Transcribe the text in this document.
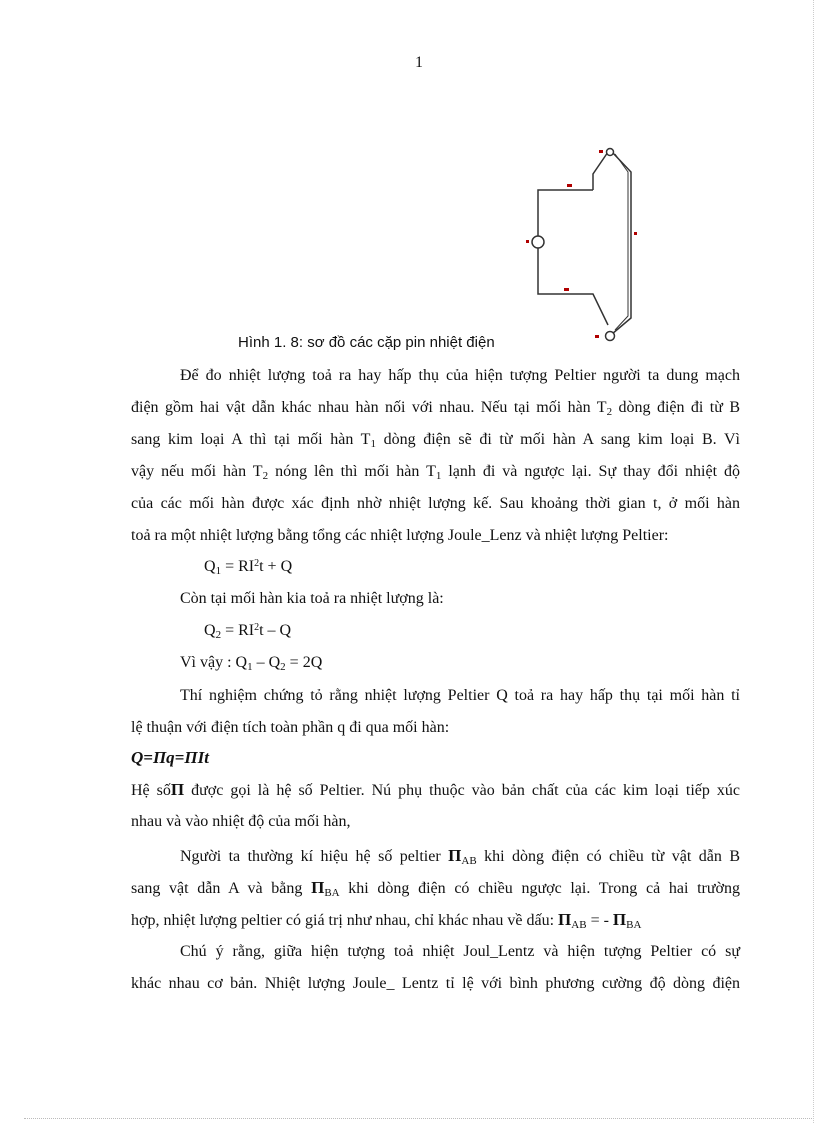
1
Hình 1. 8: sơ đồ các cặp pin nhiệt điện
Để đo nhiệt lượng toả ra hay hấp thụ của hiện tượng Peltier người ta dung mạch
điện gồm hai vật dẫn khác nhau hàn nối với nhau. Nếu tại mối hàn $T_2$ dòng điện đi từ B
sang kim loại A thì tại mối hàn $T_1$ dòng điện sẽ đi từ mối hàn A sang kim loại B. Vì
vậy nếu mối hàn $T_2$ nóng lên thì mối hàn $T_1$ lạnh đi và ngược lại. Sự thay đổi nhiệt độ
của các mối hàn được xác định nhờ nhiệt lượng kế. Sau khoảng thời gian t, ở mối hàn
toả ra một nhiệt lượng bằng tổng các nhiệt lượng Joule_Lenz và nhiệt lượng Peltier:
$Q_1 = RI^2t + Q$
Còn tại mối hàn kia toả ra nhiệt lượng là:
$Q_2 = RI^2t - Q$
Vì vậy : $Q_1 - Q_2 = 2Q$
Thí nghiệm chứng tỏ rằng nhiệt lượng Peltier Q toả ra hay hấp thụ tại mối hàn tỉ
lệ thuận với điện tích toàn phần q đi qua mối hàn:
Q=Πq=ΠIt
Hệ sốΠ được gọi là hệ số Peltier. Nú phụ thuộc vào bản chất của các kim loại tiếp xúc
nhau và vào nhiệt độ của mối hàn,
Người ta thường kí hiệu hệ số peltier $\Pi_{AB}$ khi dòng điện có chiều từ vật dẫn B
sang vật dẫn A và bằng $\Pi_{BA}$ khi dòng điện có chiều ngược lại. Trong cả hai trường
hợp, nhiệt lượng peltier có giá trị như nhau, chỉ khác nhau về dấu: $\Pi_{AB}$ = - $\Pi_{BA}$
Chú ý rằng, giữa hiện tượng toả nhiệt Joul_Lentz và hiện tượng Peltier có sự
khác nhau cơ bản. Nhiệt lượng Joule_ Lentz tỉ lệ với bình phương cường độ dòng điện
